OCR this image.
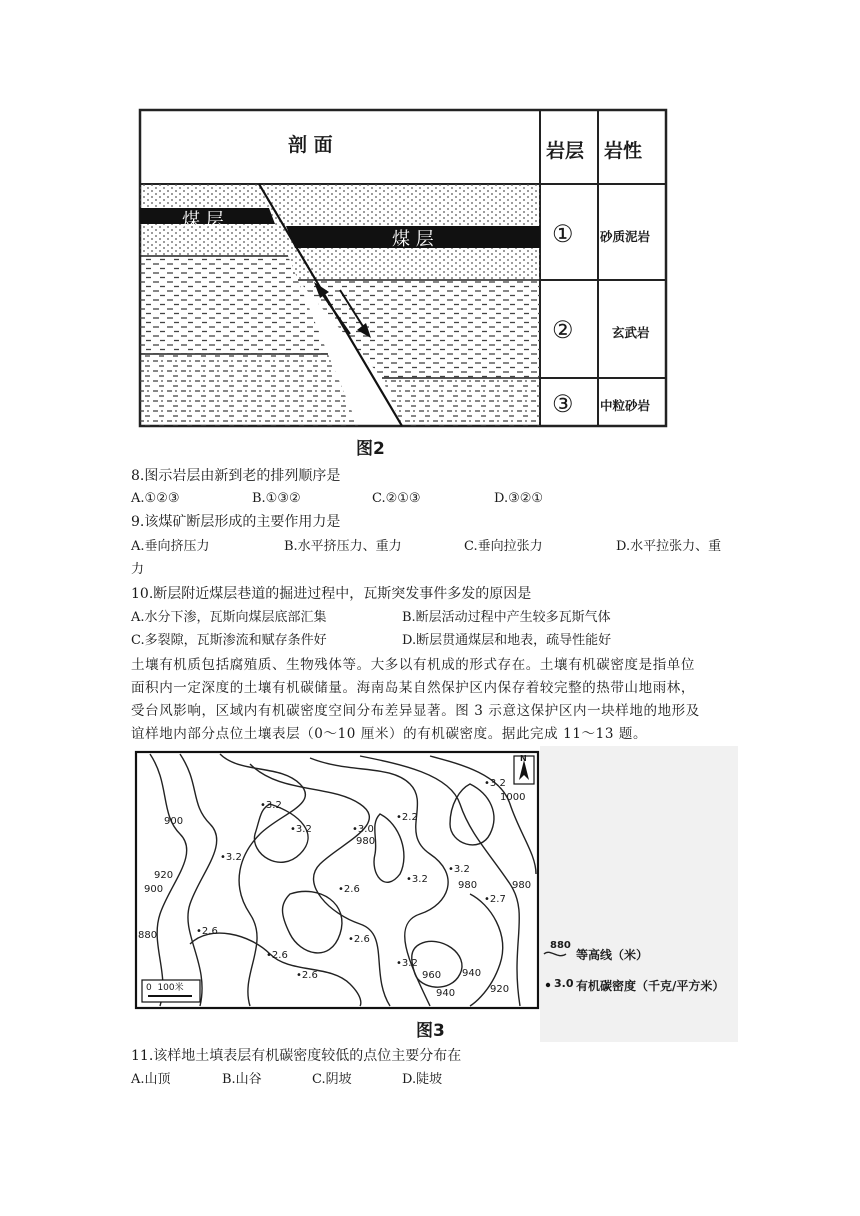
剖 面	岩层 岩性
煤 层
煤 层	① 砂质泥岩
②	玄武岩
③ 中粒砂岩
图2
8.图示岩层由新到老的排列顺序是
A.①②③	B.①③②	C.②①③	D.③②①
9.该煤矿断层形成的主要作用力是
A.垂向挤压力	B.水平挤压力、重力	C.垂向拉张力	D.水平拉张力、重
力
10.断层附近煤层巷道的掘进过程中，瓦斯突发事件多发的原因是
A.水分下渗，瓦斯向煤层底部汇集	B.断层活动过程中产生较多瓦斯气体
C.多裂隙，瓦斯渗流和赋存条件好	D.断层贯通煤层和地表，疏导性能好
土壤有机质包括腐殖质、生物残体等。大多以有机成的形式存在。土壤有机碳密度是指单位
面积内一定深度的土壤有机碳储量。海南岛某自然保护区内保存着较完整的热带山地雨林，
受台风影响，区域内有机碳密度空间分布差异显著。图 3 示意这保护区内一块样地的地形及
谊样地内部分点位土壤表层（0～10 厘米）的有机碳密度。据此完成 11～13 题。
1000
900
980
920
900
880
980
960
980
940
940
920
•3.2
•3.2
•3.2	•3.0
•2.2
•3.2
•3.2
•3.2
•2.6
•2.7
•2.6
•2.6
•2.6
•2.6
•3.2
N
0  100米
880
等高线（米）
3.0 有机碳密度（千克/平方米）
图3
11.该样地土填表层有机碳密度较低的点位主要分布在
A.山顶	B.山谷	C.阴坡	D.陡坡
